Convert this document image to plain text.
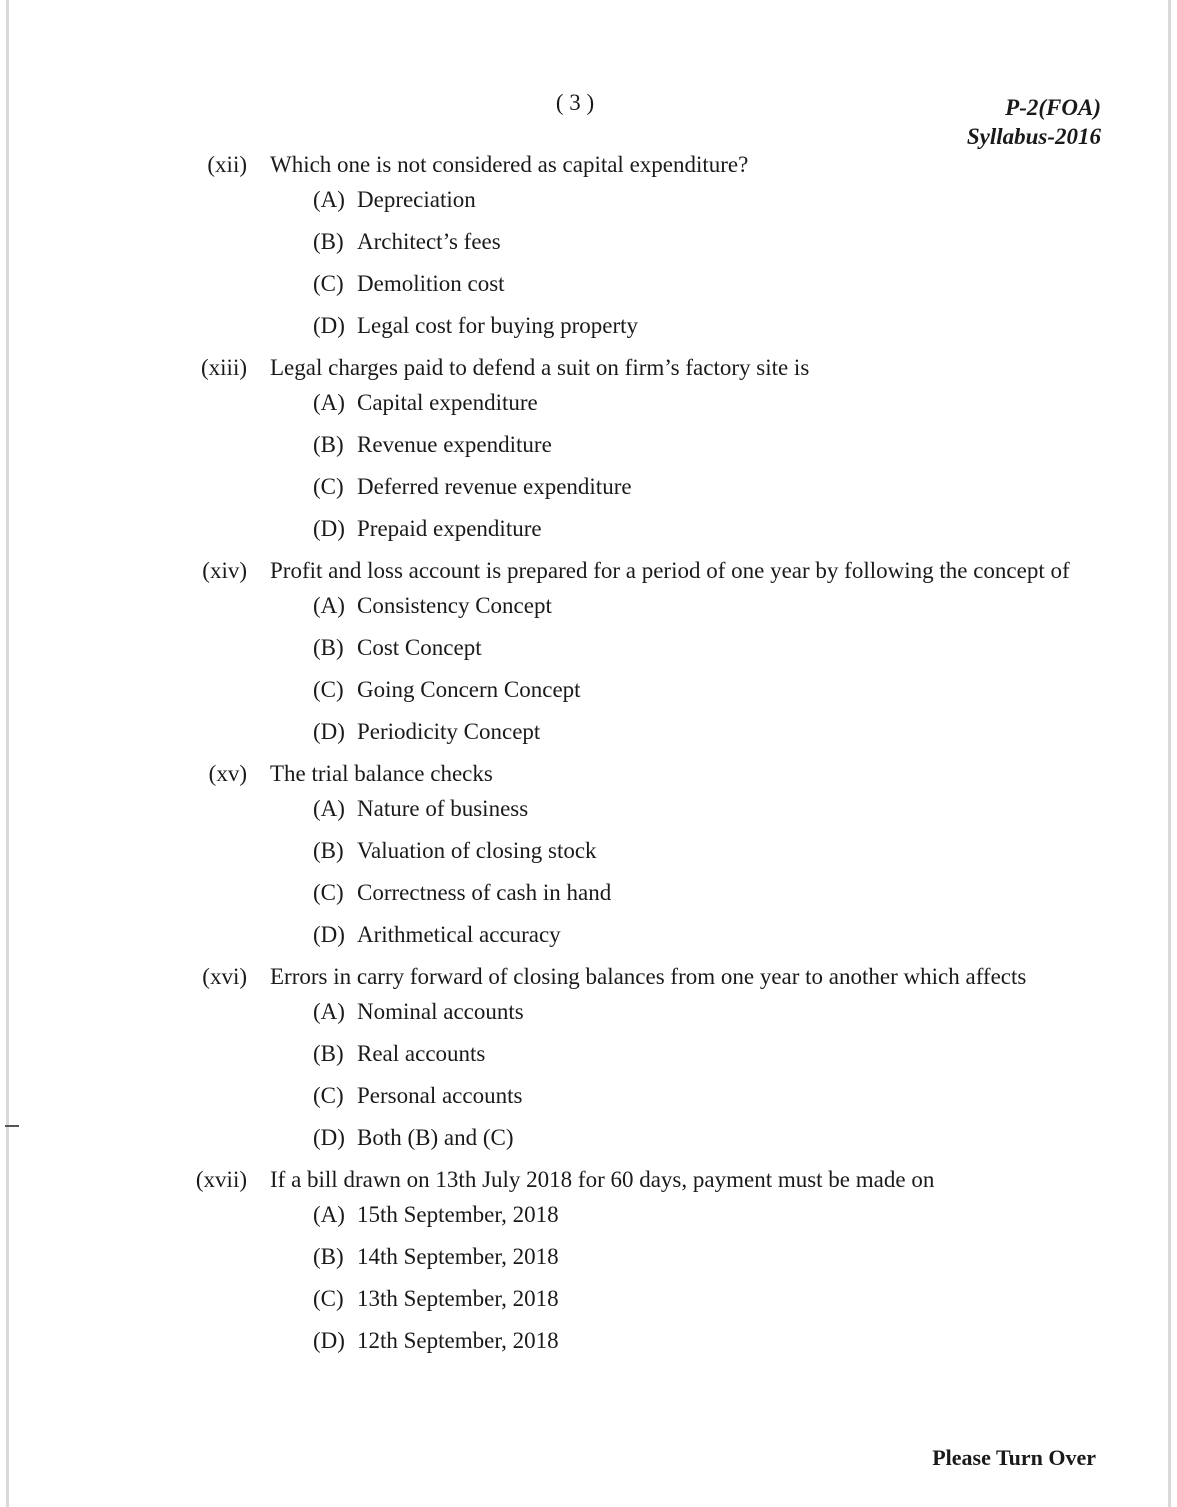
( 3 )	P-2(FOA)
Syllabus-2016
(xii) Which one is not considered as capital expenditure?
(A) Depreciation
(B) Architect’s fees
(C) Demolition cost
(D) Legal cost for buying property
(xiii) Legal charges paid to defend a suit on firm’s factory site is
(A) Capital expenditure
(B) Revenue expenditure
(C) Deferred revenue expenditure
(D) Prepaid expenditure
(xiv) Profit and loss account is prepared for a period of one year by following the concept of
(A) Consistency Concept
(B) Cost Concept
(C) Going Concern Concept
(D) Periodicity Concept
(xv) The trial balance checks
(A) Nature of business
(B) Valuation of closing stock
(C) Correctness of cash in hand
(D) Arithmetical accuracy
(xvi) Errors in carry forward of closing balances from one year to another which affects
(A) Nominal accounts
(B) Real accounts
(C) Personal accounts
(D) Both (B) and (C)
(xvii) If a bill drawn on 13th July 2018 for 60 days, payment must be made on
(A) 15th September, 2018
(B) 14th September, 2018
(C) 13th September, 2018
(D) 12th September, 2018
Please Turn Over
